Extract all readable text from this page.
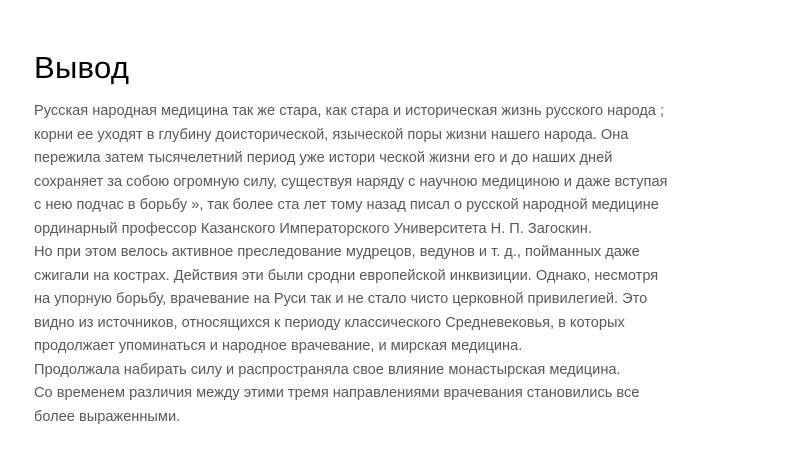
Вывод
Русская народная медицина так же стара, как стара и историческая жизнь русского народа ;
корни ее уходят в глубину доисторической, языческой поры жизни нашего народа. Она
пережила затем тысячелетний период уже истори ческой жизни его и до наших дней
сохраняет за собою огромную силу, существуя наряду с научною медициною и даже вступая
с нею подчас в борьбу », так более ста лет тому назад писал о русской народной медицине
ординарный профессор Казанского Императорского Университета Н. П. Загоскин.
Но при этом велось активное преследование мудрецов, ведунов и т. д., пойманных даже
сжигали на кострах. Действия эти были сродни европейской инквизиции. Однако, несмотря
на упорную борьбу, врачевание на Руси так и не стало чисто церковной привилегией. Это
видно из источников, относящихся к периоду классического Средневековья, в которых
продолжает упоминаться и народное врачевание, и мирская медицина.
Продолжала набирать силу и распространяла свое влияние монастырская медицина.
Со временем различия между этими тремя направлениями врачевания становились все
более выраженными.
